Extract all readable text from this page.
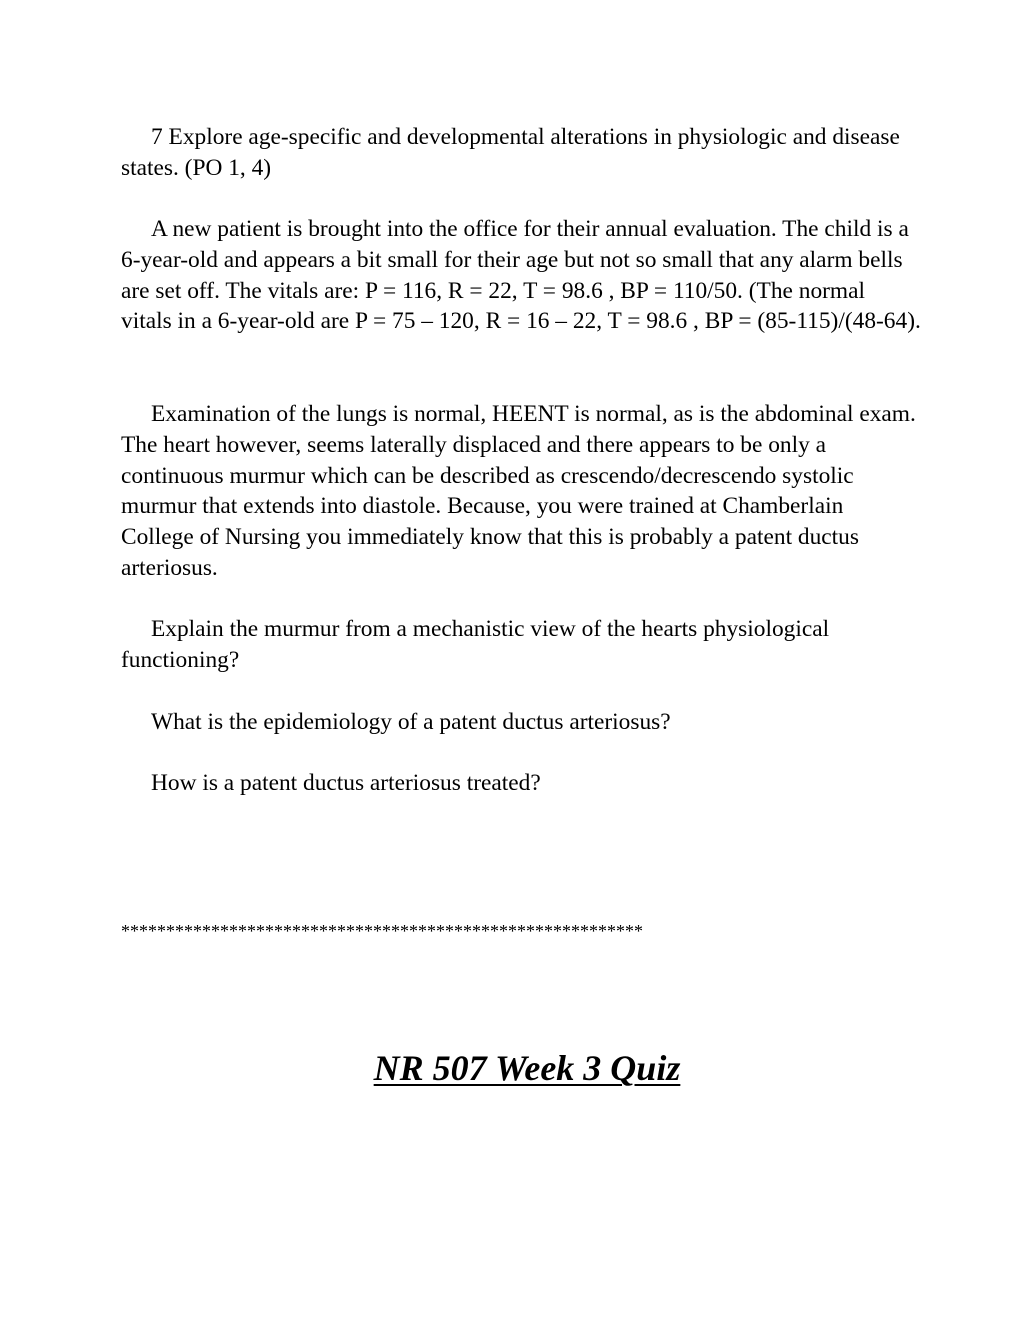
7 Explore age-specific and developmental alterations in physiologic and disease states. (PO 1, 4)

A new patient is brought into the office for their annual evaluation. The child is a 6-year-old and appears a bit small for their age but not so small that any alarm bells are set off. The vitals are: P = 116, R = 22, T = 98.6 , BP = 110/50. (The normal vitals in a 6-year-old are P = 75 – 120, R = 16 – 22, T = 98.6 , BP = (85-115)/(48-64).

Examination of the lungs is normal, HEENT is normal, as is the abdominal exam. The heart however, seems laterally displaced and there appears to be only a continuous murmur which can be described as crescendo/decrescendo systolic murmur that extends into diastole. Because, you were trained at Chamberlain College of Nursing you immediately know that this is probably a patent ductus arteriosus.

Explain the murmur from a mechanistic view of the hearts physiological functioning?

What is the epidemiology of a patent ductus arteriosus?

How is a patent ductus arteriosus treated?

**********************************************************

NR 507 Week 3 Quiz
